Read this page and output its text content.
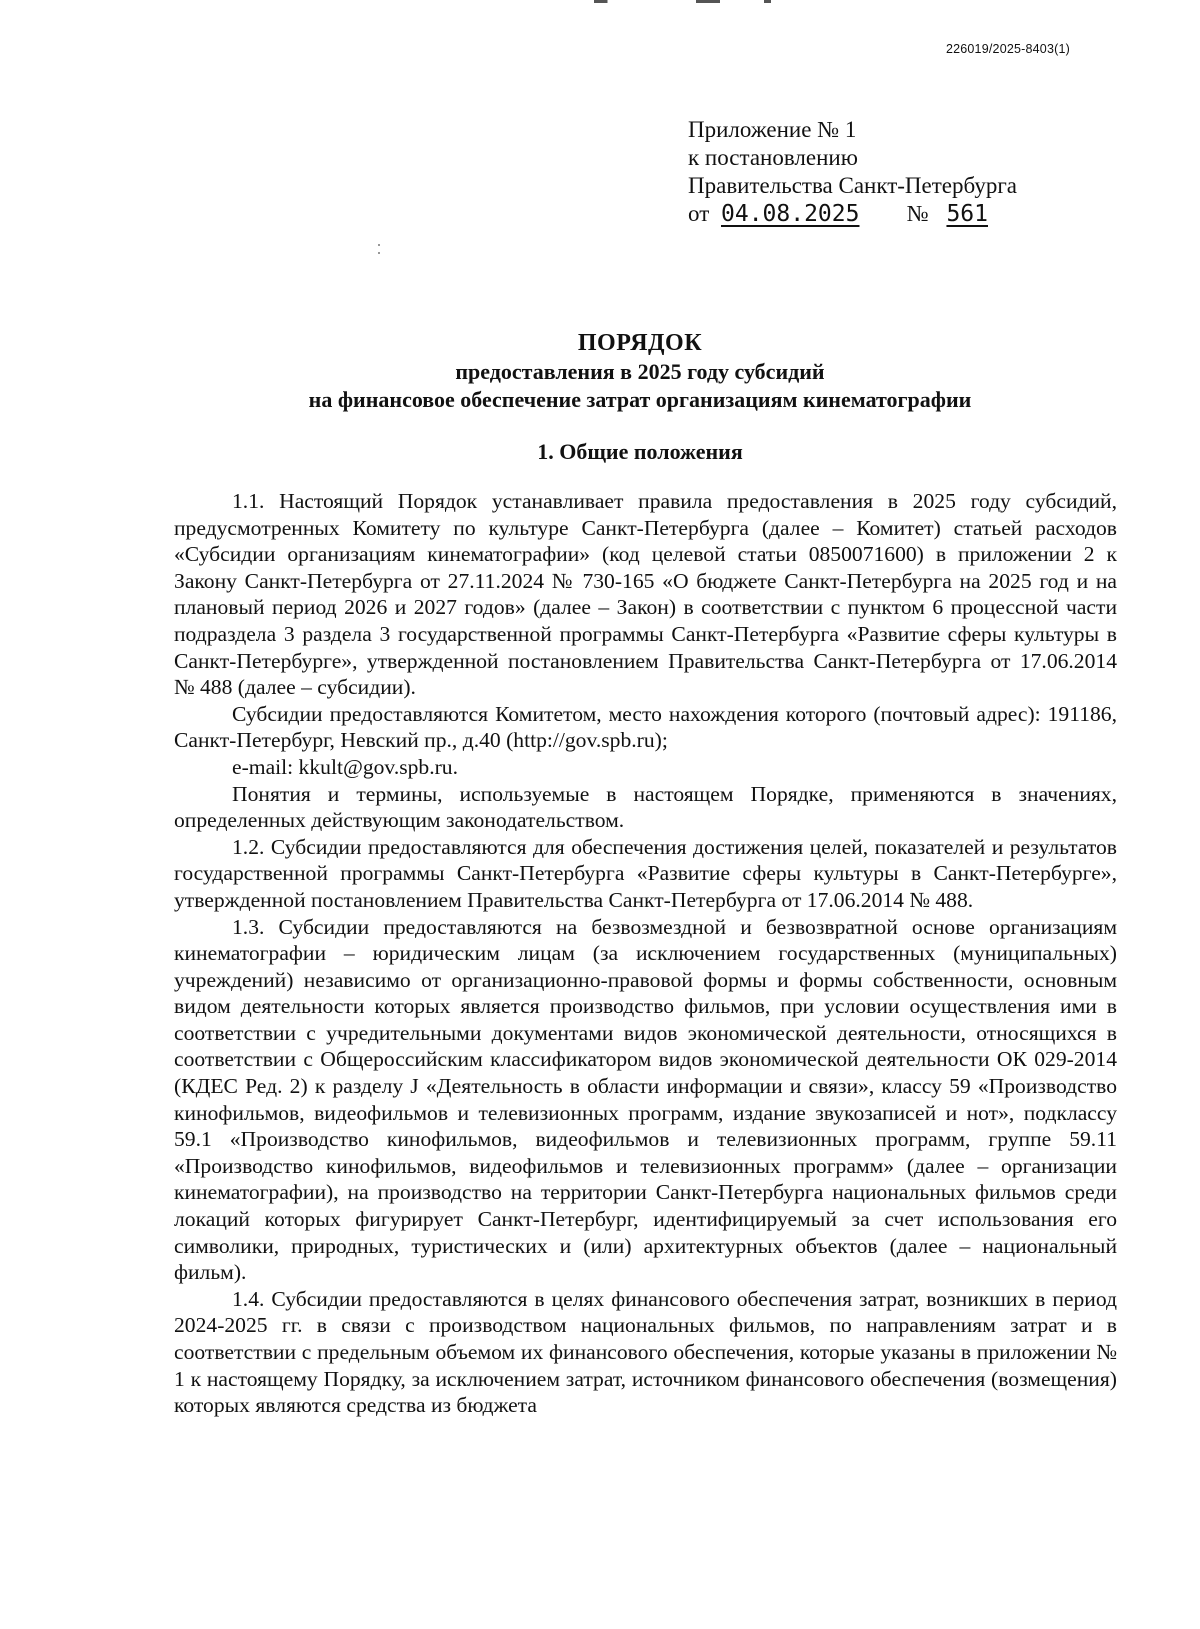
226019/2025-8403(1)
Приложение № 1
к постановлению
Правительства Санкт-Петербурга
от 04.08.2025 № 561
ПОРЯДОК
предоставления в 2025 году субсидий
на финансовое обеспечение затрат организациям кинематографии
1. Общие положения

1.1. Настоящий Порядок устанавливает правила предоставления в 2025 году субсидий, предусмотренных Комитету по культуре Санкт-Петербурга (далее – Комитет) статьей расходов «Субсидии организациям кинематографии» (код целевой статьи 0850071600) в приложении 2 к Закону Санкт-Петербурга от 27.11.2024 № 730-165 «О бюджете Санкт-Петербурга на 2025 год и на плановый период 2026 и 2027 годов» (далее – Закон) в соответствии с пунктом 6 процессной части подраздела 3 раздела 3 государственной программы Санкт-Петербурга «Развитие сферы культуры в Санкт-Петербурге», утвержденной постановлением Правительства Санкт-Петербурга от 17.06.2014 № 488 (далее – субсидии).

Субсидии предоставляются Комитетом, место нахождения которого (почтовый адрес): 191186, Санкт-Петербург, Невский пр., д.40 (http://gov.spb.ru);

e-mail: kkult@gov.spb.ru.

Понятия и термины, используемые в настоящем Порядке, применяются в значениях, определенных действующим законодательством.

1.2. Субсидии предоставляются для обеспечения достижения целей, показателей и результатов государственной программы Санкт-Петербурга «Развитие сферы культуры в Санкт-Петербурге», утвержденной постановлением Правительства Санкт-Петербурга от 17.06.2014 № 488.

1.3. Субсидии предоставляются на безвозмездной и безвозвратной основе организациям кинематографии – юридическим лицам (за исключением государственных (муниципальных) учреждений) независимо от организационно-правовой формы и формы собственности, основным видом деятельности которых является производство фильмов, при условии осуществления ими в соответствии с учредительными документами видов экономической деятельности, относящихся в соответствии с Общероссийским классификатором видов экономической деятельности ОК 029-2014 (КДЕС Ред. 2) к разделу J «Деятельность в области информации и связи», классу 59 «Производство кинофильмов, видеофильмов и телевизионных программ, издание звукозаписей и нот», подклассу 59.1 «Производство кинофильмов, видеофильмов и телевизионных программ, группе 59.11 «Производство кинофильмов, видеофильмов и телевизионных программ» (далее – организации кинематографии), на производство на территории Санкт-Петербурга национальных фильмов среди локаций которых фигурирует Санкт-Петербург, идентифицируемый за счет использования его символики, природных, туристических и (или) архитектурных объектов (далее – национальный фильм).

1.4. Субсидии предоставляются в целях финансового обеспечения затрат, возникших в период 2024-2025 гг. в связи с производством национальных фильмов, по направлениям затрат и в соответствии с предельным объемом их финансового обеспечения, которые указаны в приложении № 1 к настоящему Порядку, за исключением затрат, источником финансового обеспечения (возмещения) которых являются средства из бюджета
